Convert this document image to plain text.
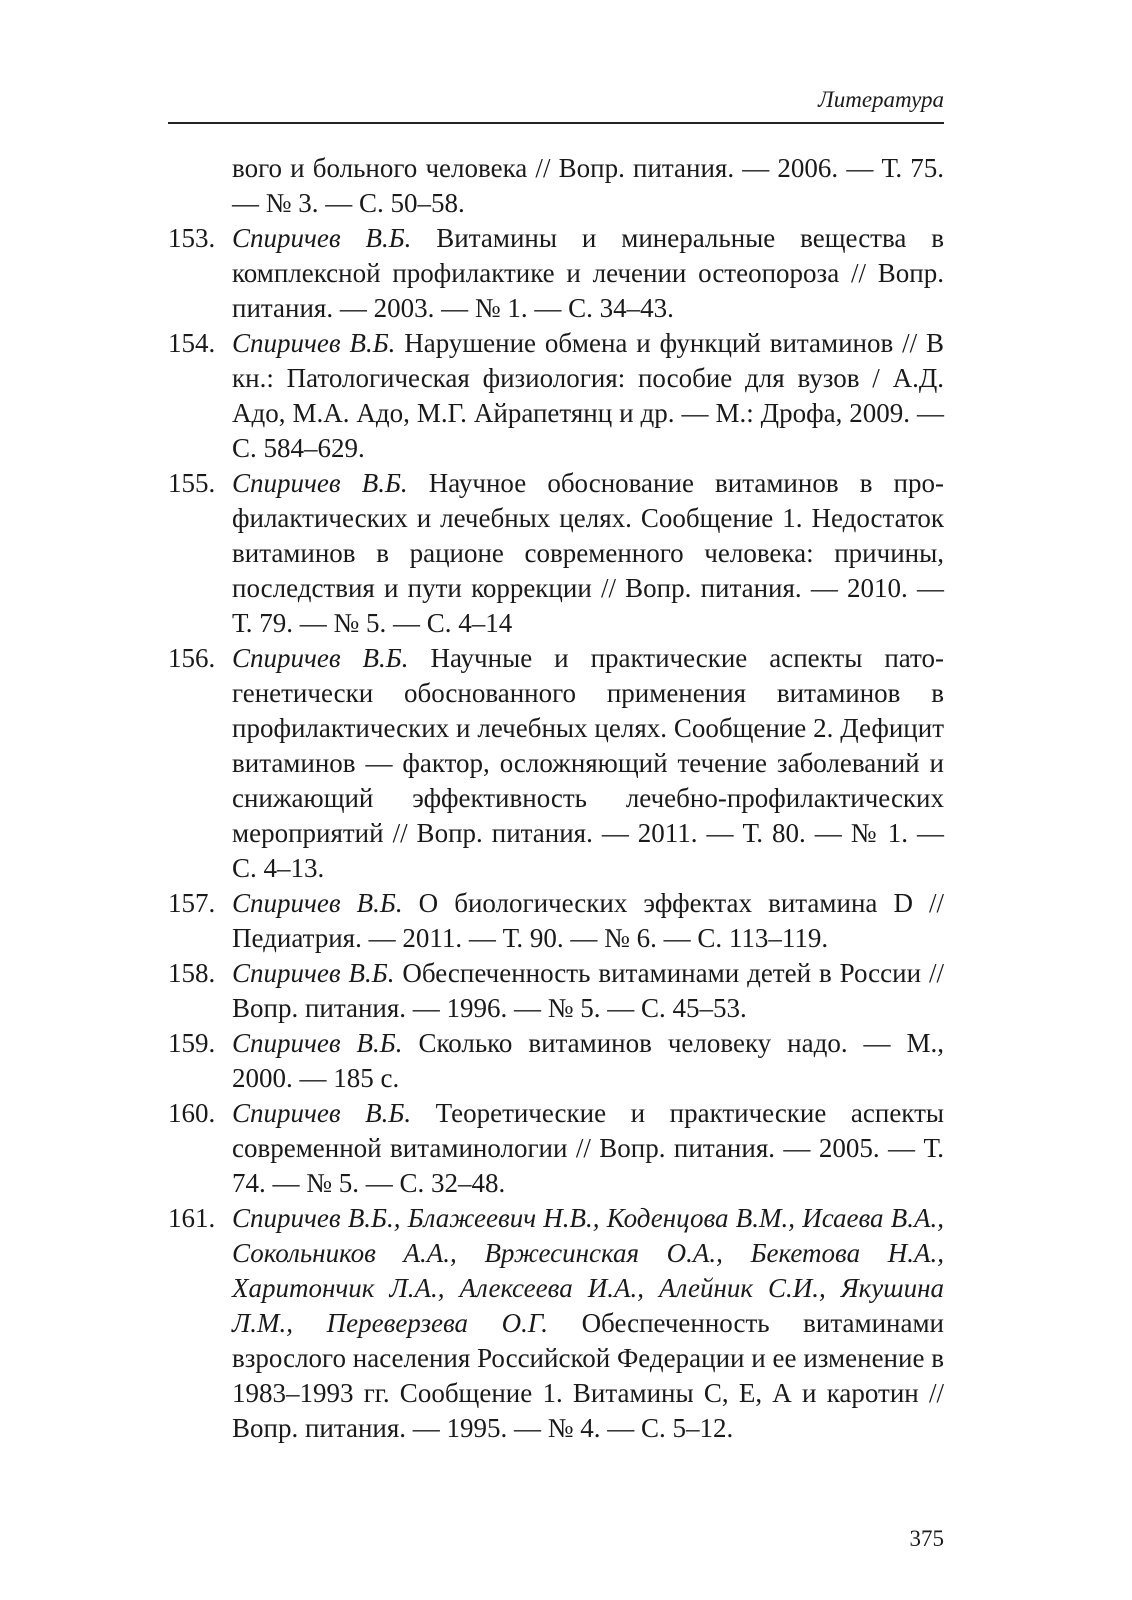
Литература
вого и больного человека // Вопр. питания. — 2006. — Т. 75. — № 3. — С. 50–58.
153. Спиричев В.Б. Витамины и минеральные вещества в комплексной профилактике и лечении остеопороза // Вопр. питания. — 2003. — № 1. — С. 34–43.
154. Спиричев В.Б. Нарушение обмена и функций витаминов // В кн.: Патологическая физиология: пособие для вузов / А.Д. Адо, М.А. Адо, М.Г. Айрапетянц и др. — М.: Дрофа, 2009. — С. 584–629.
155. Спиричев В.Б. Научное обоснование витаминов в профилактических и лечебных целях. Сообщение 1. Недостаток витаминов в рационе современного человека: причины, последствия и пути коррекции // Вопр. питания. — 2010. — Т. 79. — № 5. — С. 4–14
156. Спиричев В.Б. Научные и практические аспекты патогенетически обоснованного применения витаминов в профилактических и лечебных целях. Сообщение 2. Дефицит витаминов — фактор, осложняющий течение заболеваний и снижающий эффективность лечебно-профилактических мероприятий // Вопр. питания. — 2011. — Т. 80. — № 1. — С. 4–13.
157. Спиричев В.Б. О биологических эффектах витамина D // Педиатрия. — 2011. — Т. 90. — № 6. — С. 113–119.
158. Спиричев В.Б. Обеспеченность витаминами детей в России // Вопр. питания. — 1996. — № 5. — С. 45–53.
159. Спиричев В.Б. Сколько витаминов человеку надо. — М., 2000. — 185 с.
160. Спиричев В.Б. Теоретические и практические аспекты современной витаминологии // Вопр. питания. — 2005. — Т. 74. — № 5. — С. 32–48.
161. Спиричев В.Б., Блажеевич Н.В., Коденцова В.М., Исаева В.А., Сокольников А.А., Вржесинская О.А., Бекетова Н.А., Харитончик Л.А., Алексеева И.А., Алейник С.И., Якушина Л.М., Переверзева О.Г. Обеспеченность витаминами взрослого населения Российской Федерации и ее изменение в 1983–1993 гг. Сообщение 1. Витамины С, Е, А и каротин // Вопр. питания. — 1995. — № 4. — С. 5–12.
375
